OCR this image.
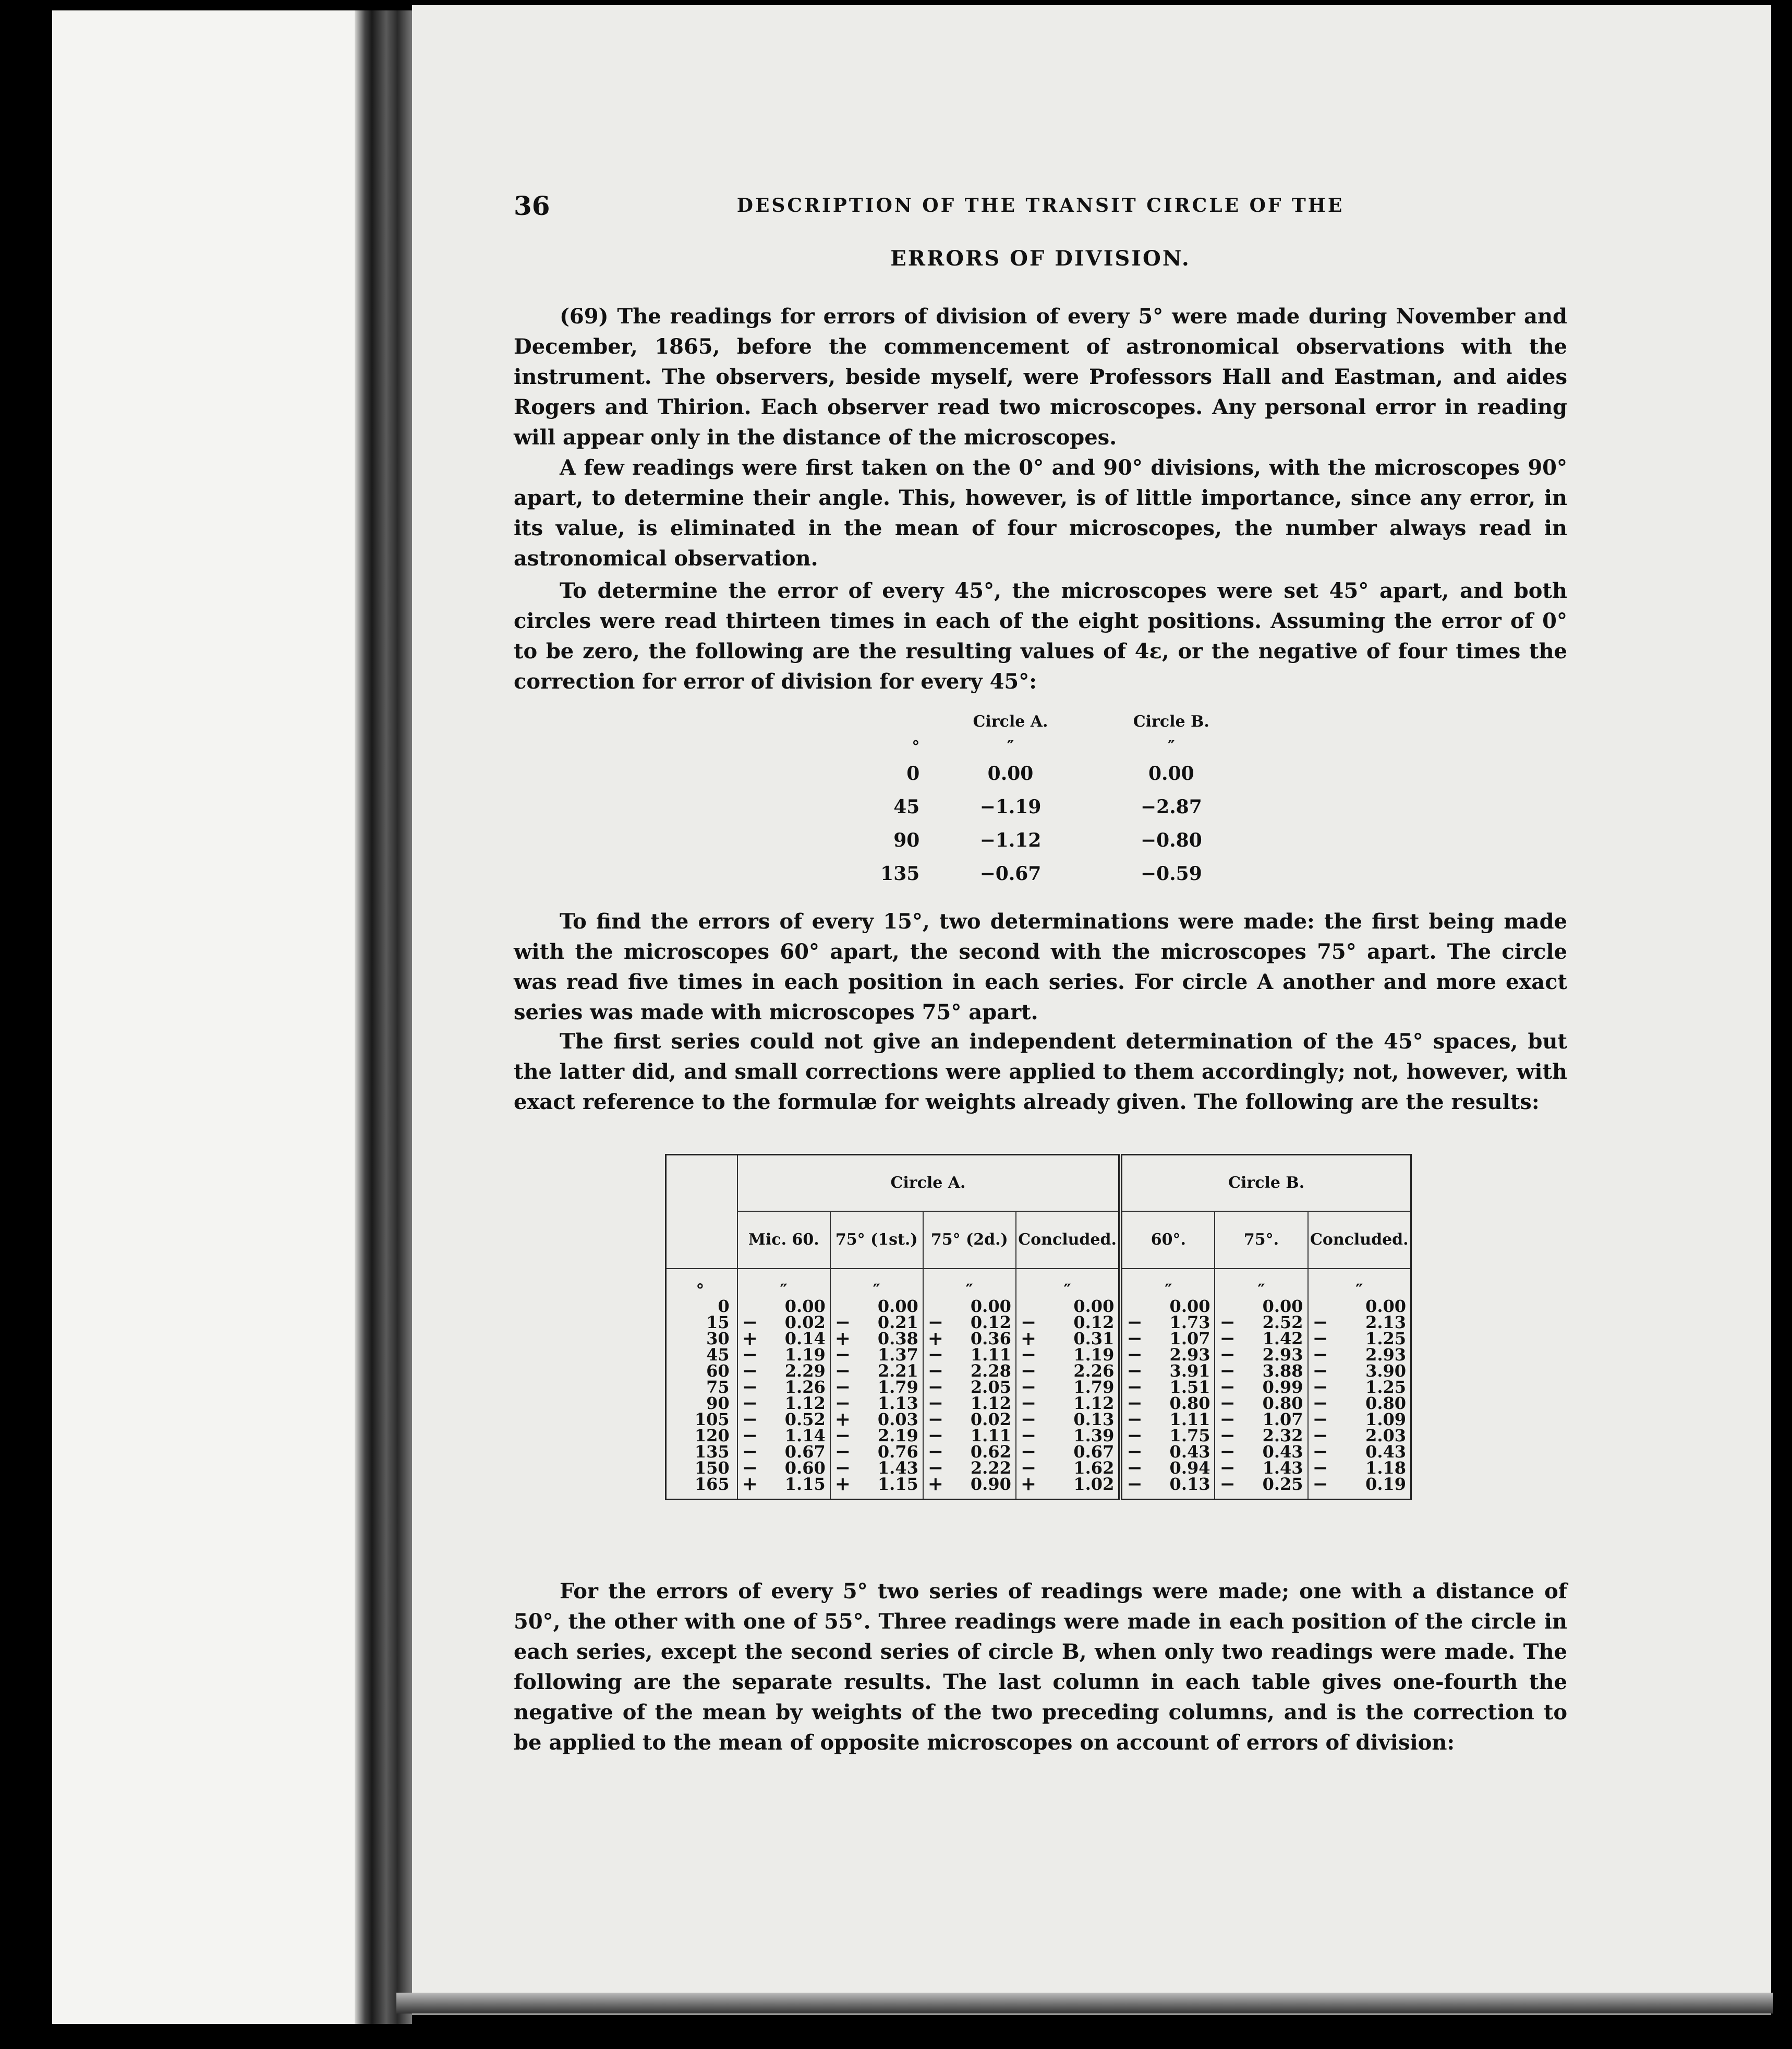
36	DESCRIPTION OF THE TRANSIT CIRCLE OF THE
ERRORS OF DIVISION.

(69) The readings for errors of division of every 5° were made during November and December, 1865, before the commencement of astronomical observations with the instrument. The observers, beside myself, were Professors Hall and Eastman, and aides Rogers and Thirion. Each observer read two microscopes. Any personal error in reading will appear only in the distance of the microscopes.

A few readings were first taken on the 0° and 90° divisions, with the microscopes 90° apart, to determine their angle. This, however, is of little importance, since any error, in its value, is eliminated in the mean of four microscopes, the number always read in astronomical observation.

To determine the error of every 45°, the microscopes were set 45° apart, and both circles were read thirteen times in each of the eight positions. Assuming the error of 0° to be zero, the following are the resulting values of 4ε, or the negative of four times the correction for error of division for every 45°:

	Circle A.	Circle B.
°	″	″
0	0.00	0.00
45	−1.19	−2.87
90	−1.12	−0.80
135	−0.67	−0.59

To find the errors of every 15°, two determinations were made: the first being made with the microscopes 60° apart, the second with the microscopes 75° apart. The circle was read five times in each position in each series. For circle A another and more exact series was made with microscopes 75° apart.

The first series could not give an independent determination of the 45° spaces, but the latter did, and small corrections were applied to them accordingly; not, however, with exact reference to the formulæ for weights already given. The following are the results:

	Circle A.				Circle B.		
	Mic. 60.	75° (1st.)	75° (2d.)	Concluded.	60°.	75°.	Concluded.
°	″	″	″	″	″	″	″
0	0.00	0.00	0.00	0.00	0.00	0.00	0.00
15	− 0.02	− 0.21	− 0.12	− 0.12	− 1.73	− 2.52	− 2.13
30	+ 0.14	+ 0.38	+ 0.36	+ 0.31	− 1.07	− 1.42	− 1.25
45	− 1.19	− 1.37	− 1.11	− 1.19	− 2.93	− 2.93	− 2.93
60	− 2.29	− 2.21	− 2.28	− 2.26	− 3.91	− 3.88	− 3.90
75	− 1.26	− 1.79	− 2.05	− 1.79	− 1.51	− 0.99	− 1.25
90	− 1.12	− 1.13	− 1.12	− 1.12	− 0.80	− 0.80	− 0.80
105	− 0.52	+ 0.03	− 0.02	− 0.13	− 1.11	− 1.07	− 1.09
120	− 1.14	− 2.19	− 1.11	− 1.39	− 1.75	− 2.32	− 2.03
135	− 0.67	− 0.76	− 0.62	− 0.67	− 0.43	− 0.43	− 0.43
150	− 0.60	− 1.43	− 2.22	− 1.62	− 0.94	− 1.43	− 1.18
165	+ 1.15	+ 1.15	+ 0.90	+ 1.02	− 0.13	− 0.25	− 0.19

For the errors of every 5° two series of readings were made; one with a distance of 50°, the other with one of 55°. Three readings were made in each position of the circle in each series, except the second series of circle B, when only two readings were made. The following are the separate results. The last column in each table gives one-fourth the negative of the mean by weights of the two preceding columns, and is the correction to be applied to the mean of opposite microscopes on account of errors of division:
